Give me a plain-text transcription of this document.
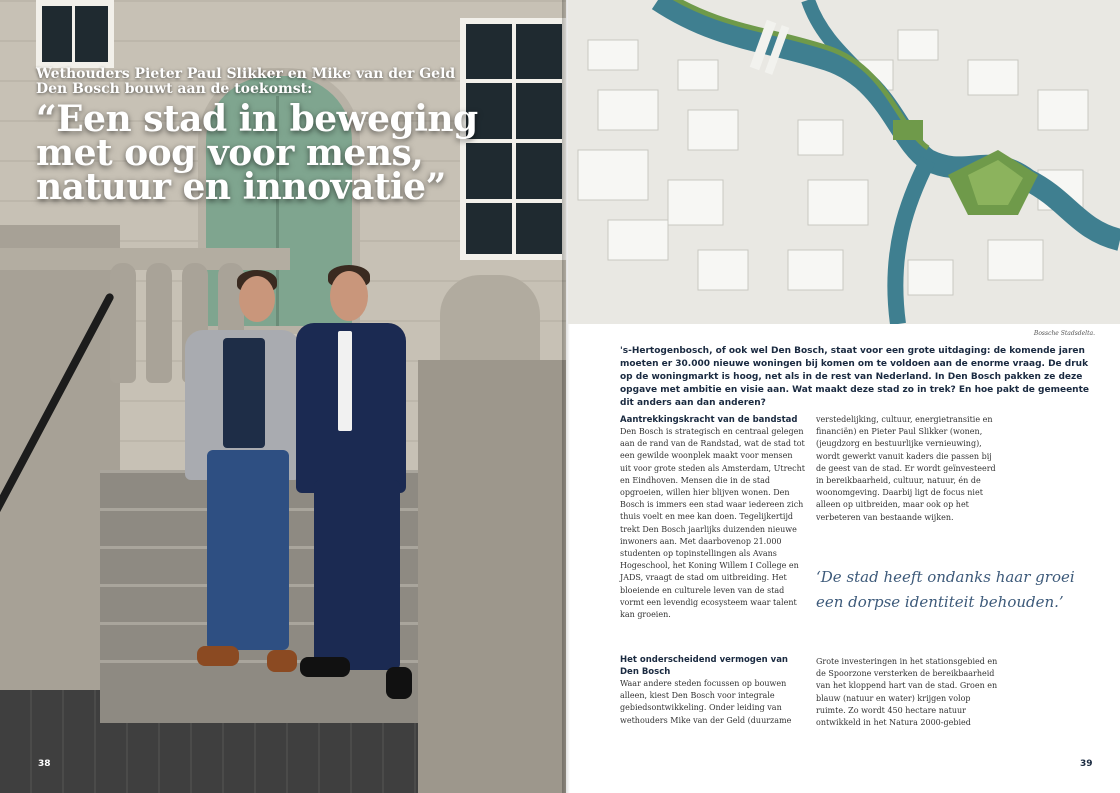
Wethouders Pieter Paul Slikker en Mike van der Geld
Den Bosch bouwt aan de toekomst:
“Een stad in beweging
met oog voor mens,
natuur en innovatie”
38
Bossche Stadsdelta.
's-Hertogenbosch, of ook wel Den Bosch, staat voor een grote uitdaging: de komende jaren moeten er 30.000 nieuwe woningen bij komen om te voldoen aan de enorme vraag. De druk op de woningmarkt is hoog, net als in de rest van Nederland. In Den Bosch pakken ze deze opgave met ambitie en visie aan. Wat maakt deze stad zo in trek? En hoe pakt de gemeente dit anders aan dan anderen?
Aantrekkingskracht van de bandstad

Den Bosch is strategisch en centraal gelegen aan de rand van de Randstad, wat de stad tot een gewilde woonplek maakt voor mensen uit voor grote steden als Amsterdam, Utrecht en Eindhoven. Mensen die in de stad opgroeien, willen hier blijven wonen. Den Bosch is immers een stad waar iedereen zich thuis voelt en mee kan doen. Tegelijkertijd trekt Den Bosch jaarlijks duizenden nieuwe inwoners aan. Met daarbovenop 21.000 studenten op topinstellingen als Avans Hogeschool, het Koning Willem I College en JADS, vraagt de stad om uitbreiding. Het bloeiende en culturele leven van de stad vormt een levendig ecosysteem waar talent kan groeien.

Het onderscheidend vermogen van Den Bosch

Waar andere steden focussen op bouwen alleen, kiest Den Bosch voor integrale gebiedsontwikkeling. Onder leiding van wethouders Mike van der Geld (duurzame

verstedelijking, cultuur, energietransitie en financiën) en Pieter Paul Slikker (wonen, (jeugdzorg en bestuurlijke vernieuwing), wordt gewerkt vanuit kaders die passen bij de geest van de stad. Er wordt geïnvesteerd in bereikbaarheid, cultuur, natuur, én de woonomgeving. Daarbij ligt de focus niet alleen op uitbreiden, maar ook op het verbeteren van bestaande wijken.

‘De stad heeft ondanks haar groei een dorpse identiteit behouden.’

Grote investeringen in het stationsgebied en de Spoorzone versterken de bereikbaarheid van het kloppend hart van de stad. Groen en blauw (natuur en water) krijgen volop ruimte. Zo wordt 450 hectare natuur ontwikkeld in het Natura 2000-gebied

39
